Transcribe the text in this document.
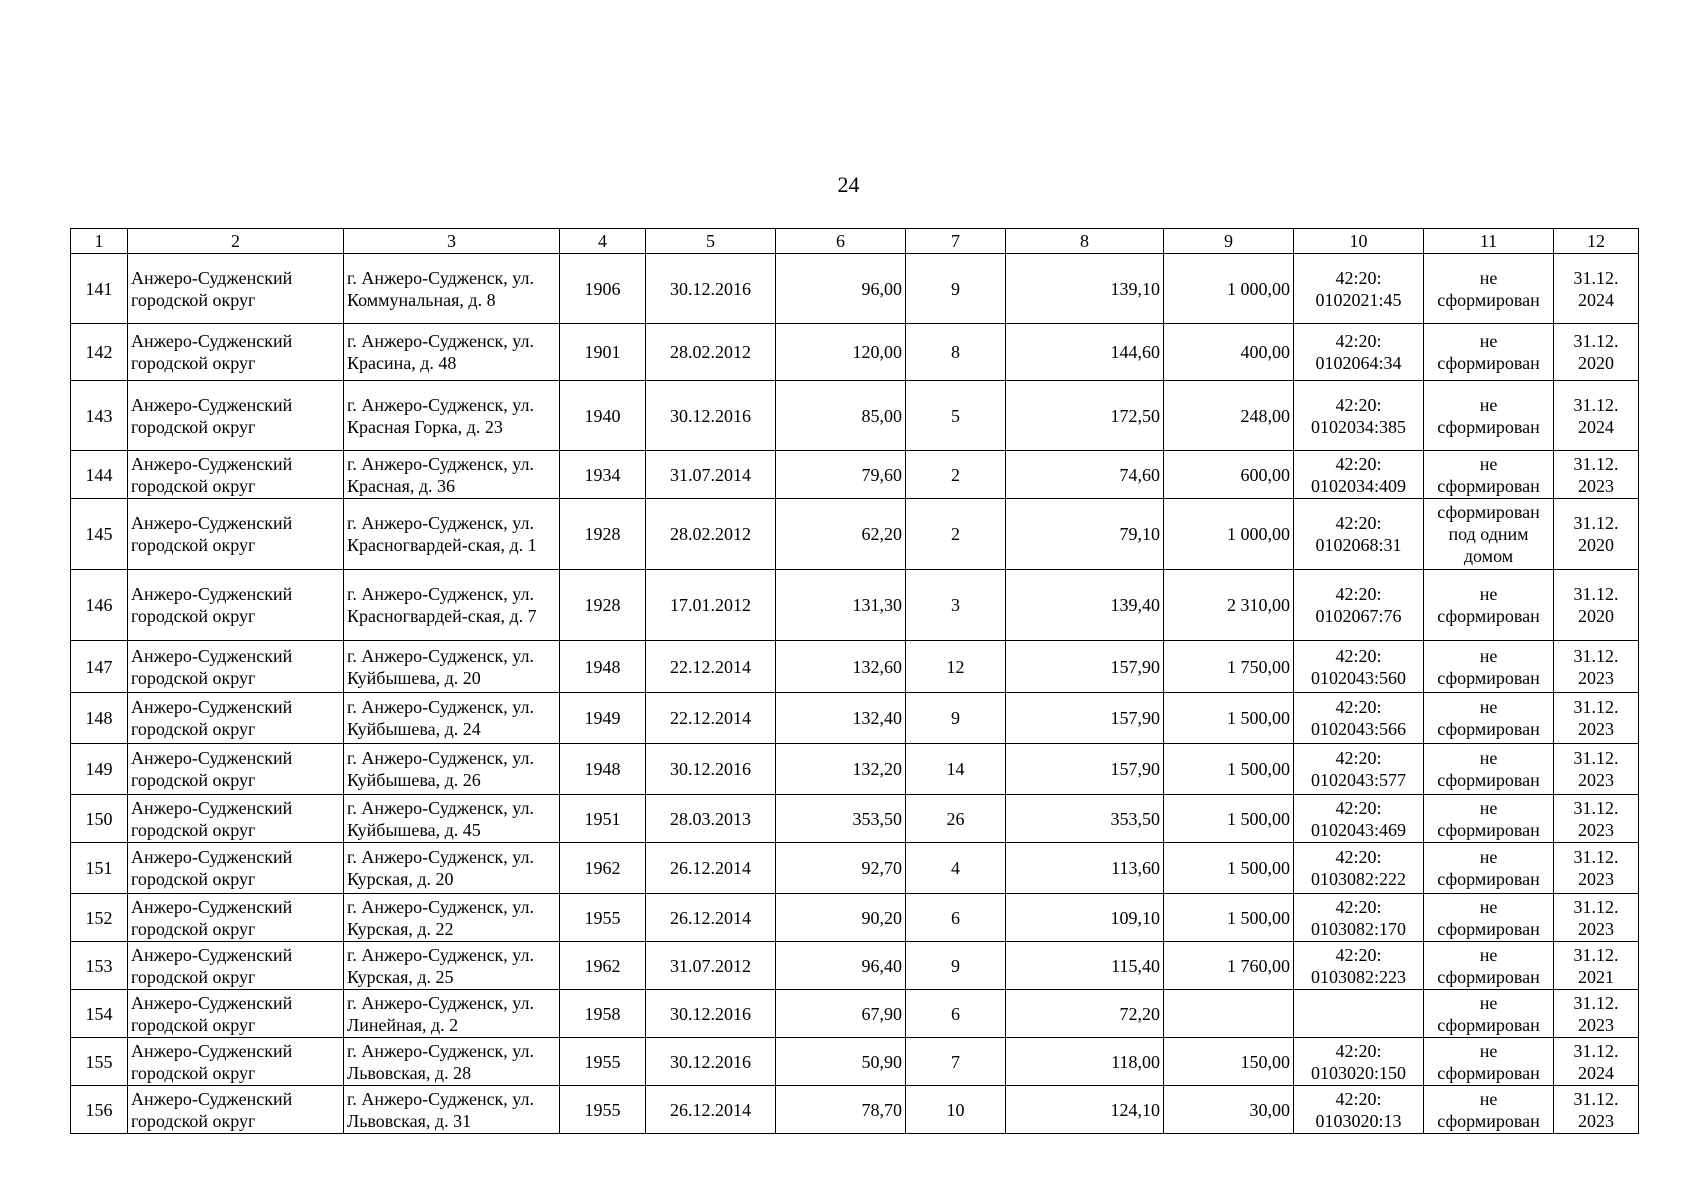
24
1	2	3	4	5	6	7	8	9	10	11	12
141	Анжеро-Судженский городской округ	г. Анжеро-Судженск, ул. Коммунальная, д. 8	1906	30.12.2016	96,00	9	139,10	1 000,00	42:20: 0102021:45	не сформирован	31.12. 2024
142	Анжеро-Судженский городской округ	г. Анжеро-Судженск, ул. Красина, д. 48	1901	28.02.2012	120,00	8	144,60	400,00	42:20: 0102064:34	не сформирован	31.12. 2020
143	Анжеро-Судженский городской округ	г. Анжеро-Судженск, ул. Красная Горка, д. 23	1940	30.12.2016	85,00	5	172,50	248,00	42:20: 0102034:385	не сформирован	31.12. 2024
144	Анжеро-Судженский городской округ	г. Анжеро-Судженск, ул. Красная, д. 36	1934	31.07.2014	79,60	2	74,60	600,00	42:20: 0102034:409	не сформирован	31.12. 2023
145	Анжеро-Судженский городской округ	г. Анжеро-Судженск, ул. Красногвардей-ская, д. 1	1928	28.02.2012	62,20	2	79,10	1 000,00	42:20: 0102068:31	сформирован под одним домом	31.12. 2020
146	Анжеро-Судженский городской округ	г. Анжеро-Судженск, ул. Красногвардей-ская, д. 7	1928	17.01.2012	131,30	3	139,40	2 310,00	42:20: 0102067:76	не сформирован	31.12. 2020
147	Анжеро-Судженский городской округ	г. Анжеро-Судженск, ул. Куйбышева, д. 20	1948	22.12.2014	132,60	12	157,90	1 750,00	42:20: 0102043:560	не сформирован	31.12. 2023
148	Анжеро-Судженский городской округ	г. Анжеро-Судженск, ул. Куйбышева, д. 24	1949	22.12.2014	132,40	9	157,90	1 500,00	42:20: 0102043:566	не сформирован	31.12. 2023
149	Анжеро-Судженский городской округ	г. Анжеро-Судженск, ул. Куйбышева, д. 26	1948	30.12.2016	132,20	14	157,90	1 500,00	42:20: 0102043:577	не сформирован	31.12. 2023
150	Анжеро-Судженский городской округ	г. Анжеро-Судженск, ул. Куйбышева, д. 45	1951	28.03.2013	353,50	26	353,50	1 500,00	42:20: 0102043:469	не сформирован	31.12. 2023
151	Анжеро-Судженский городской округ	г. Анжеро-Судженск, ул. Курская, д. 20	1962	26.12.2014	92,70	4	113,60	1 500,00	42:20: 0103082:222	не сформирован	31.12. 2023
152	Анжеро-Судженский городской округ	г. Анжеро-Судженск, ул. Курская, д. 22	1955	26.12.2014	90,20	6	109,10	1 500,00	42:20: 0103082:170	не сформирован	31.12. 2023
153	Анжеро-Судженский городской округ	г. Анжеро-Судженск, ул. Курская, д. 25	1962	31.07.2012	96,40	9	115,40	1 760,00	42:20: 0103082:223	не сформирован	31.12. 2021
154	Анжеро-Судженский городской округ	г. Анжеро-Судженск, ул. Линейная, д. 2	1958	30.12.2016	67,90	6	72,20			не сформирован	31.12. 2023
155	Анжеро-Судженский городской округ	г. Анжеро-Судженск, ул. Львовская, д. 28	1955	30.12.2016	50,90	7	118,00	150,00	42:20: 0103020:150	не сформирован	31.12. 2024
156	Анжеро-Судженский городской округ	г. Анжеро-Судженск, ул. Львовская, д. 31	1955	26.12.2014	78,70	10	124,10	30,00	42:20: 0103020:13	не сформирован	31.12. 2023
